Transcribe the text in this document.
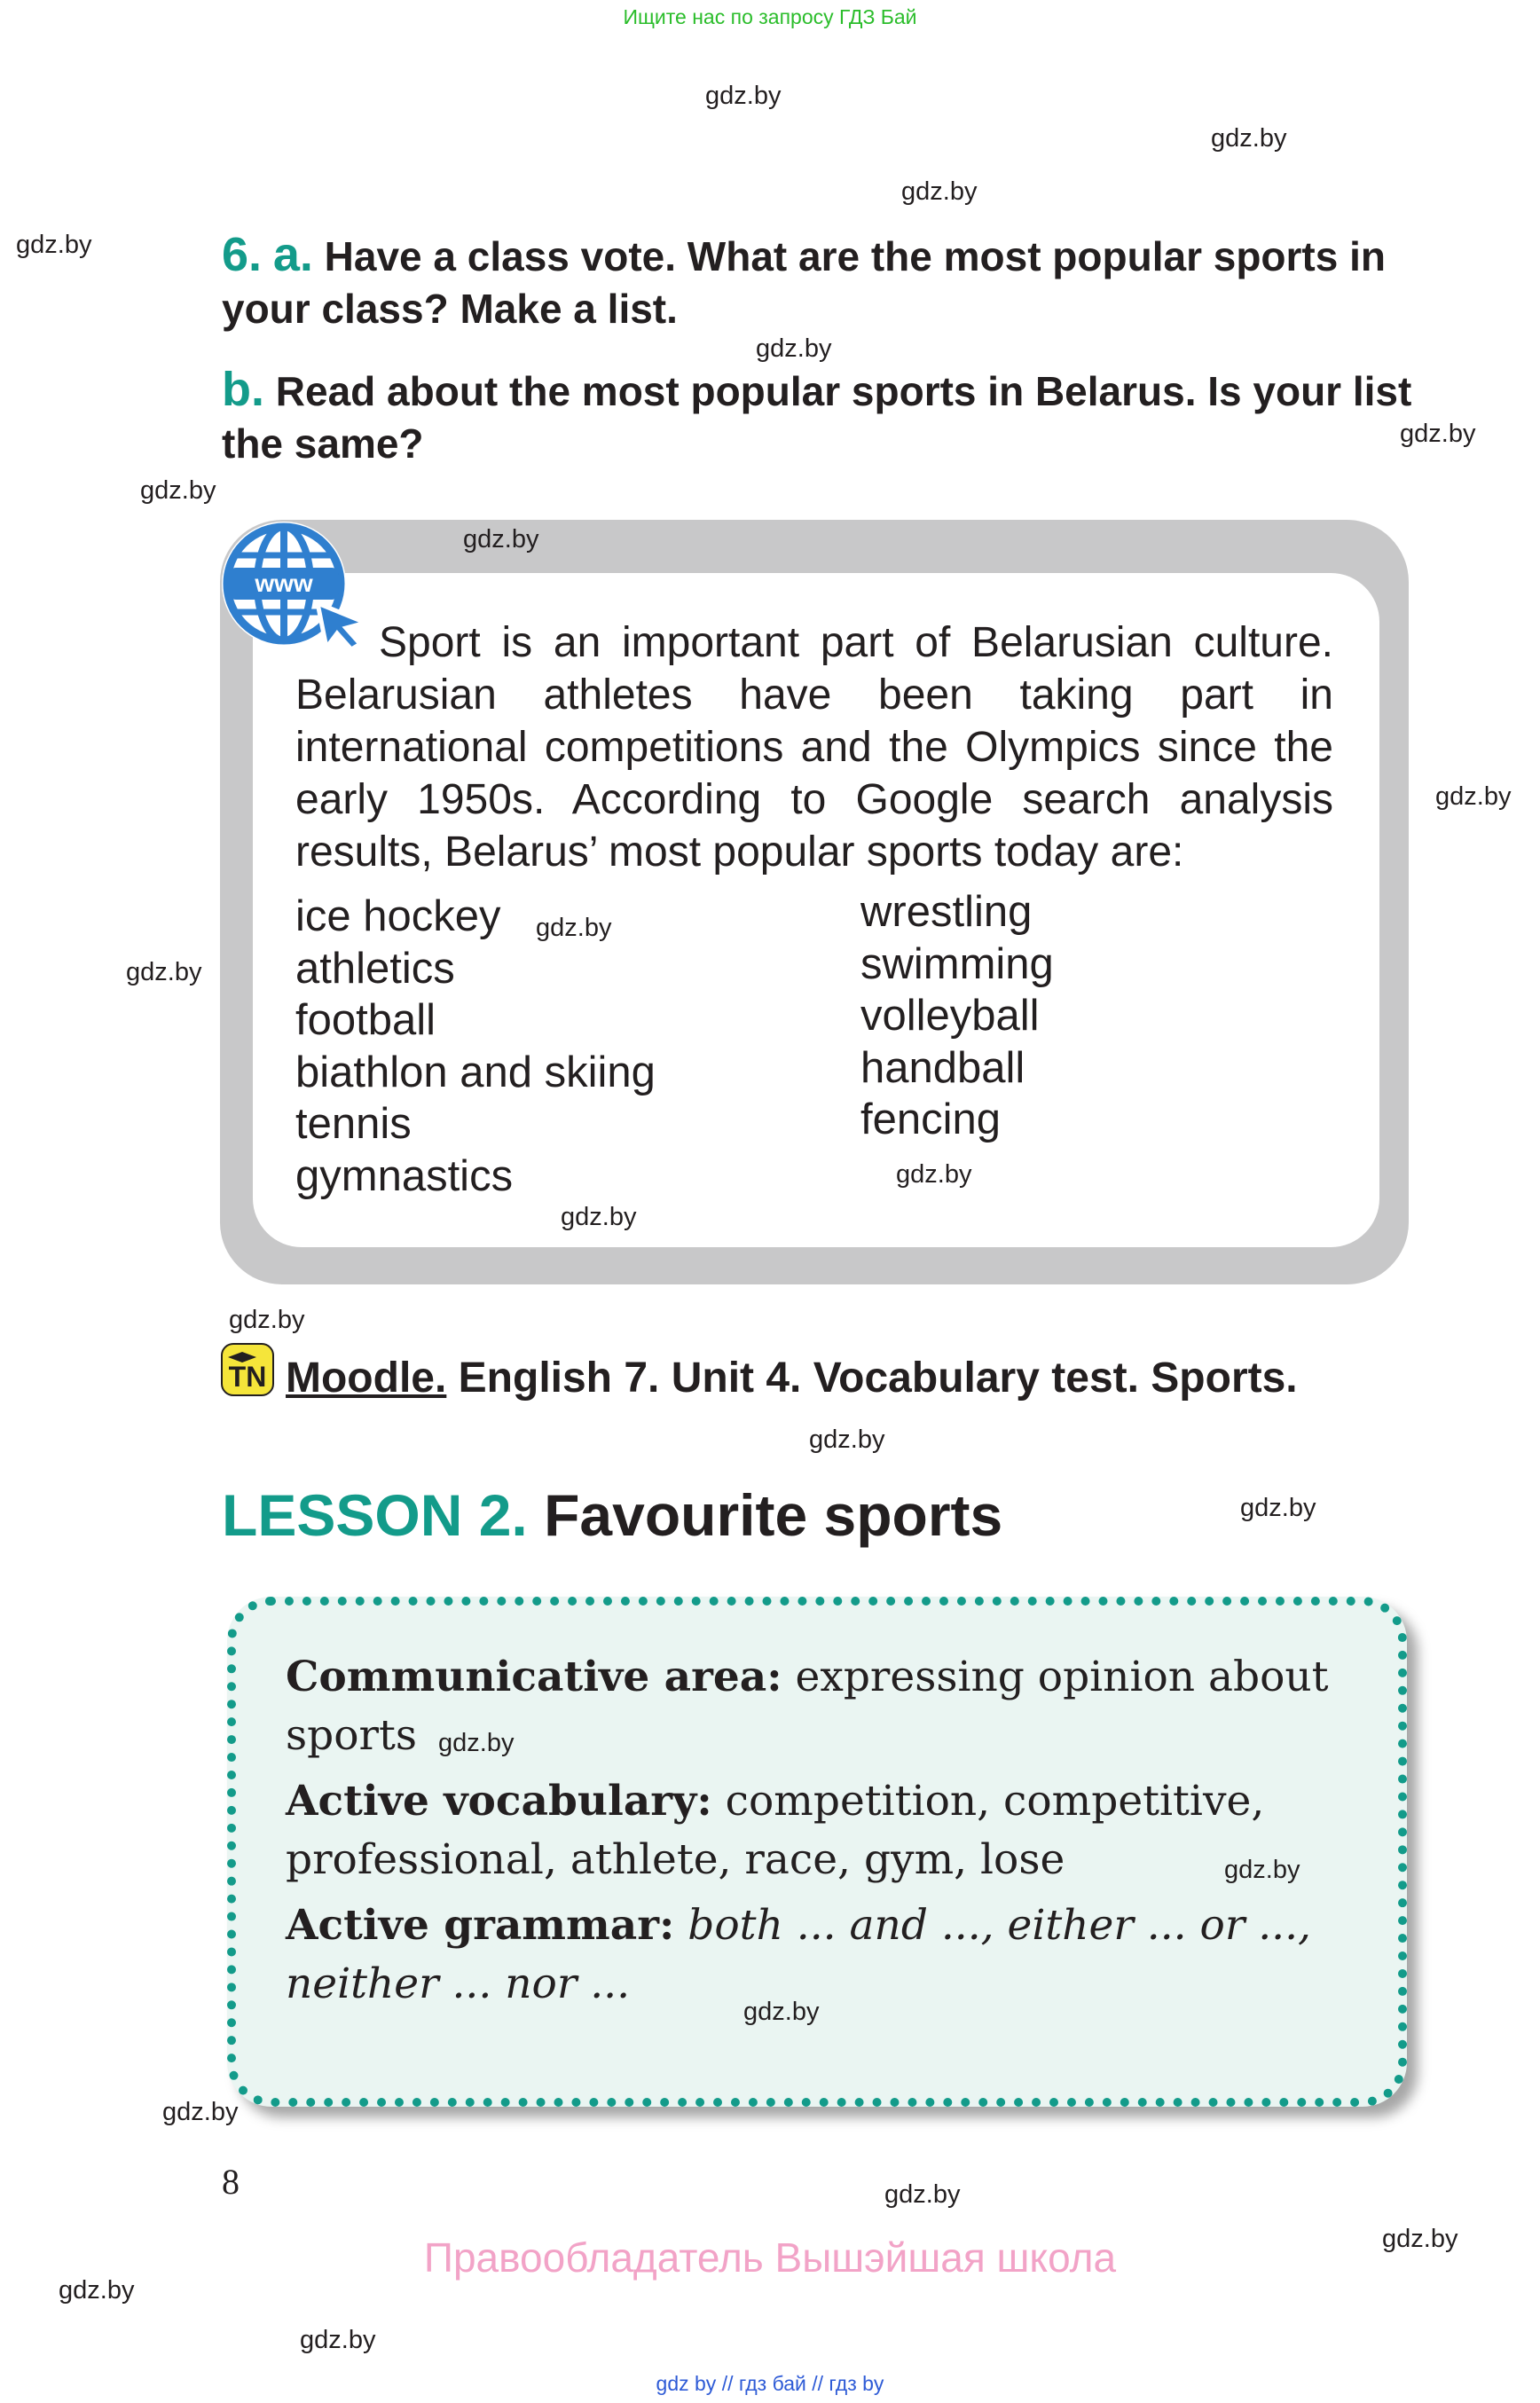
Ищите нас по запросу ГДЗ Бай
gdz.by
gdz.by
gdz.by
gdz.by
gdz.by
gdz.by
gdz.by
gdz.by
gdz.by
gdz.by
gdz.by
gdz.by
gdz.by
gdz.by
gdz.by
gdz.by
gdz.by
6. a. Have a class vote. What are the most popular sports in your class? Make a list.
b. Read about the most popular sports in Belarus. Is your list the same?
www
Sport is an important part of Belarusian culture. Belarusian athletes have been taking part in international competitions and the Olympics since the early 1950s. According to Google search analysis results, Belarus’ most popular sports today are:
ice hockey
athletics
football
biathlon and skiing
tennis
gymnastics
wrestling
swimming
volleyball
handball
fencing
gdz.by
gdz.by
gdz.by
gdz.by
TN Moodle. English 7. Unit 4. Vocabulary test. Sports.
LESSON 2. Favourite sports
Communicative area: expressing opinion about sports
Active vocabulary: competition, competitive, professional, athlete, race, gym, lose
Active grammar: both ... and ..., either ... or ..., neither ... nor ...
gdz.by
gdz.by
gdz.by
8
Правообладатель Вышэйшая школа
gdz by // гдз бай // гдз by
